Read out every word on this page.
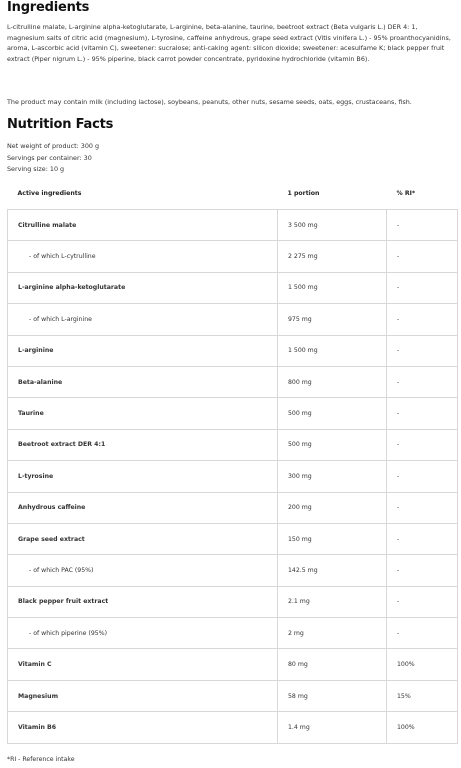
Ingredients

L-citrulline malate, L-arginine alpha-ketoglutarate, L-arginine, beta-alanine, taurine, beetroot extract (Beta vulgaris L.) DER 4: 1, magnesium salts of citric acid (magnesium), L-tyrosine, caffeine anhydrous, grape seed extract (Vitis vinifera L.) - 95% proanthocyanidins, aroma, L-ascorbic acid (vitamin C), sweetener: sucralose; anti-caking agent: silicon dioxide; sweetener: acesulfame K; black pepper fruit extract (Piper nigrum L.) - 95% piperine, black carrot powder concentrate, pyridoxine hydrochloride (vitamin B6).

The product may contain milk (including lactose), soybeans, peanuts, other nuts, sesame seeds, oats, eggs, crustaceans, fish.

Nutrition Facts
Net weight of product: 300 g
Servings per container: 30
Serving size: 10 g
Active ingredients	1 portion	% RI*
Citrulline malate	3 500 mg	-
- of which L-cytrulline	2 275 mg	-
L-arginine alpha-ketoglutarate	1 500 mg	-
- of which L-arginine	975 mg	-
L-arginine	1 500 mg	-
Beta-alanine	800 mg	-
Taurine	500 mg	-
Beetroot extract DER 4:1	500 mg	-
L-tyrosine	300 mg	-
Anhydrous caffeine	200 mg	-
Grape seed extract	150 mg	-
- of which PAC (95%)	142.5 mg	-
Black pepper fruit extract	2.1 mg	-
- of which piperine (95%)	2 mg	-
Vitamin C	80 mg	100%
Magnesium	58 mg	15%
Vitamin B6	1.4 mg	100%
*RI - Reference intake
